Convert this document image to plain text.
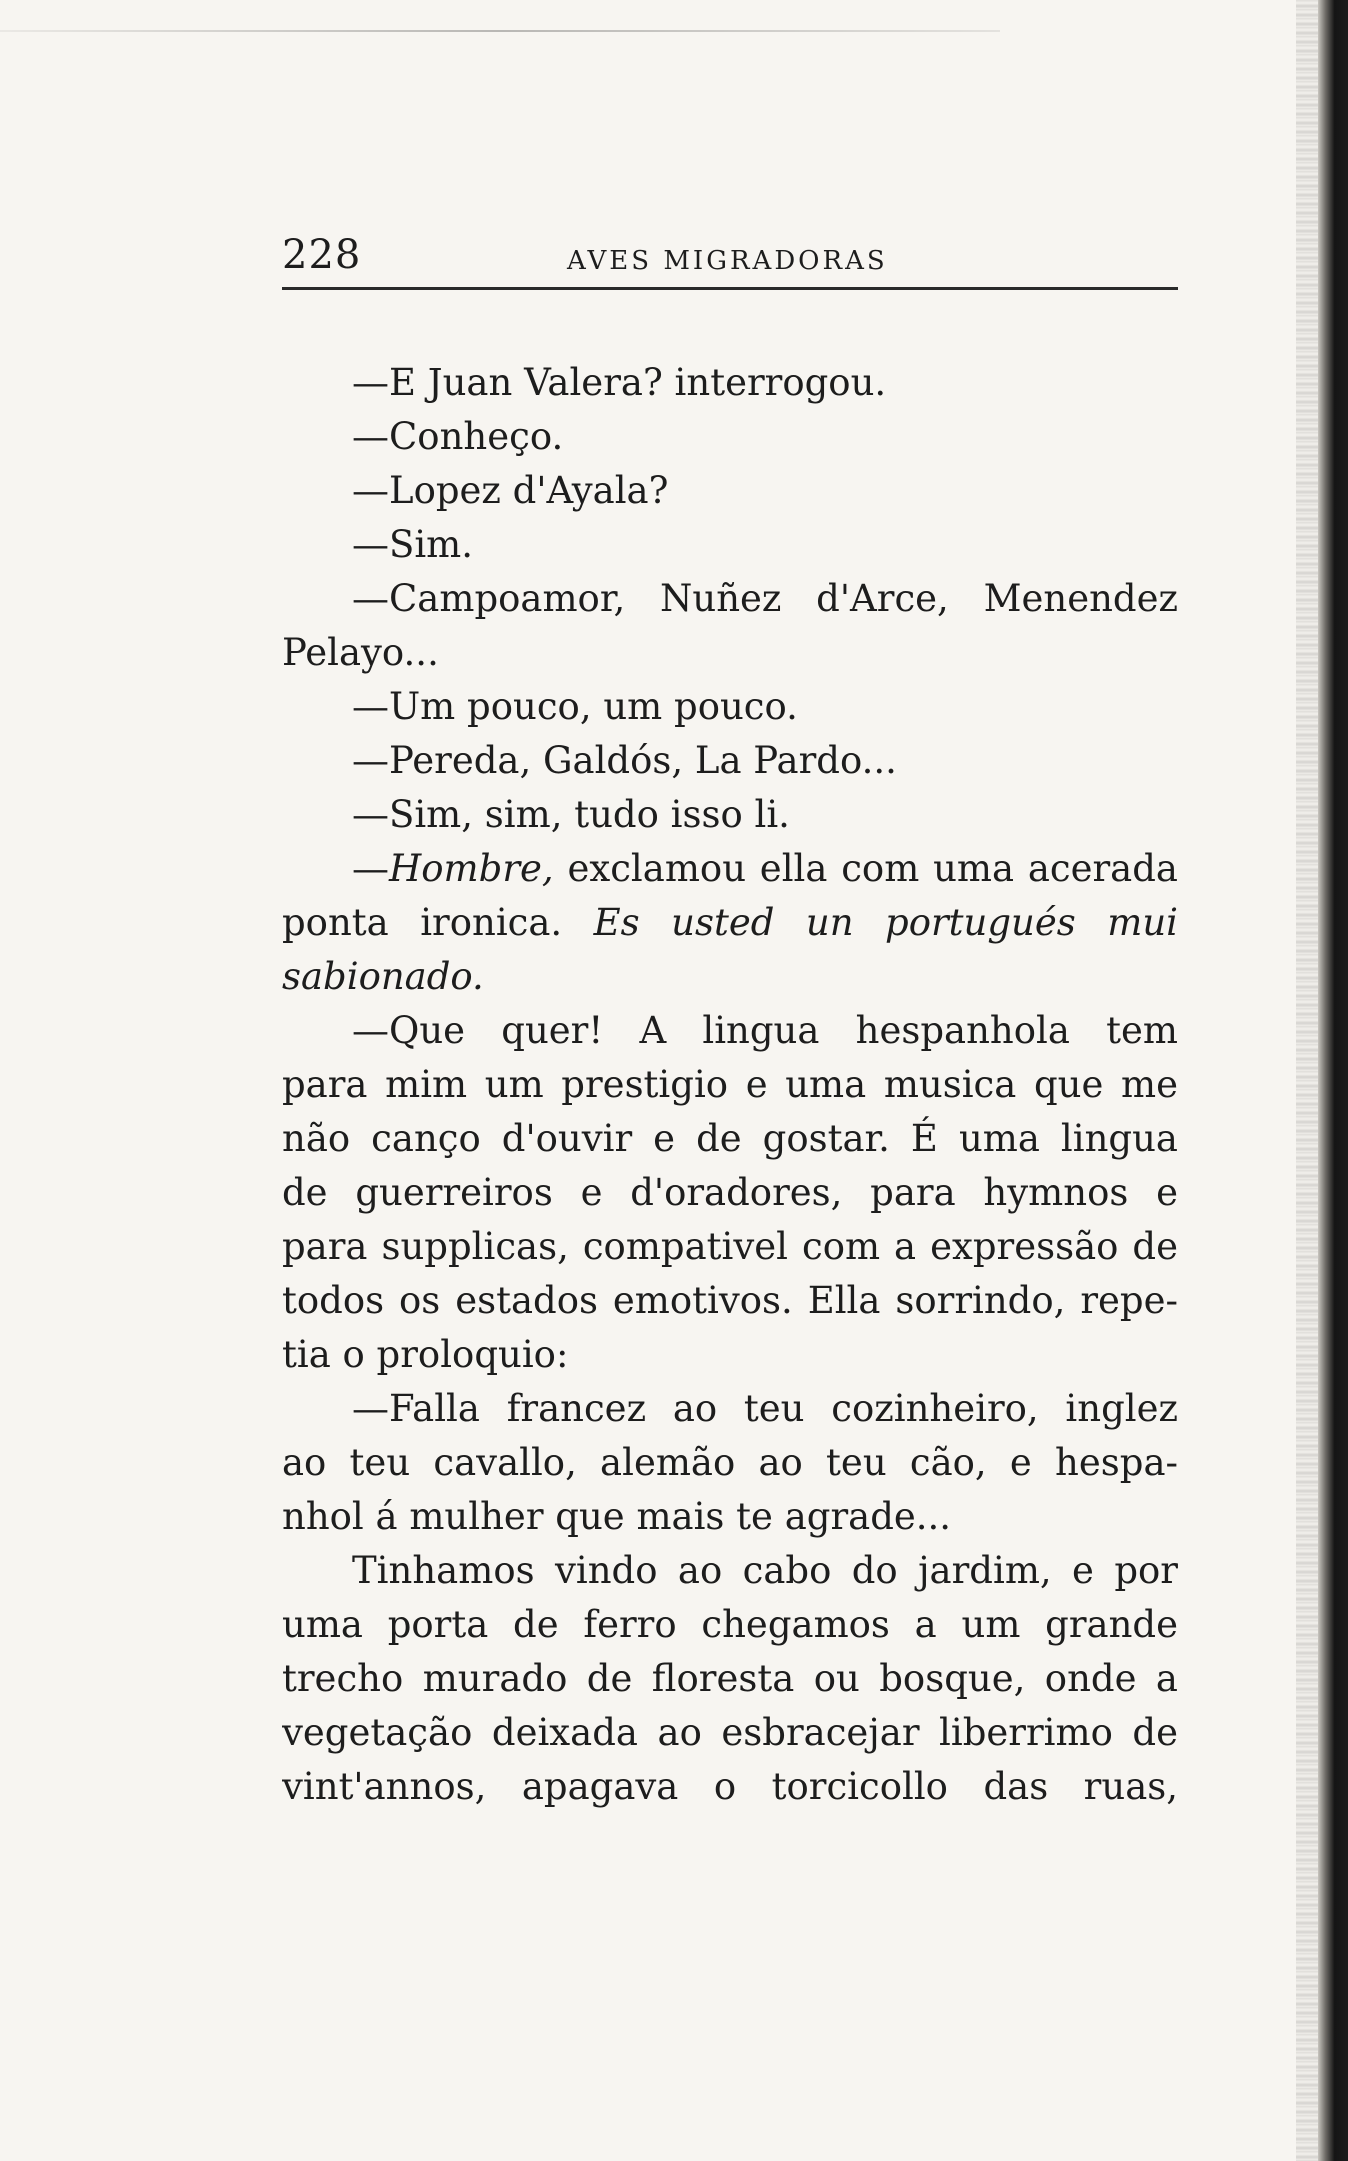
228	AVES MIGRADORAS
—E Juan Valera? interrogou.
—Conheço.
—Lopez d'Ayala?
—Sim.
—Campoamor, Nuñez d'Arce, Menendez
Pelayo...
—Um pouco, um pouco.
—Pereda, Galdós, La Pardo...
—Sim, sim, tudo isso li.
—Hombre, exclamou ella com uma acerada
ponta ironica. Es usted un portugués mui
sabionado.
—Que quer! A lingua hespanhola tem
para mim um prestigio e uma musica que me
não canço d'ouvir e de gostar. É uma lingua
de guerreiros e d'oradores, para hymnos e
para supplicas, compativel com a expressão de
todos os estados emotivos. Ella sorrindo, repe-
tia o proloquio:
—Falla francez ao teu cozinheiro, inglez
ao teu cavallo, alemão ao teu cão, e hespa-
nhol á mulher que mais te agrade...
Tinhamos vindo ao cabo do jardim, e por
uma porta de ferro chegamos a um grande
trecho murado de floresta ou bosque, onde a
vegetação deixada ao esbracejar liberrimo de
vint'annos, apagava o torcicollo das ruas,
